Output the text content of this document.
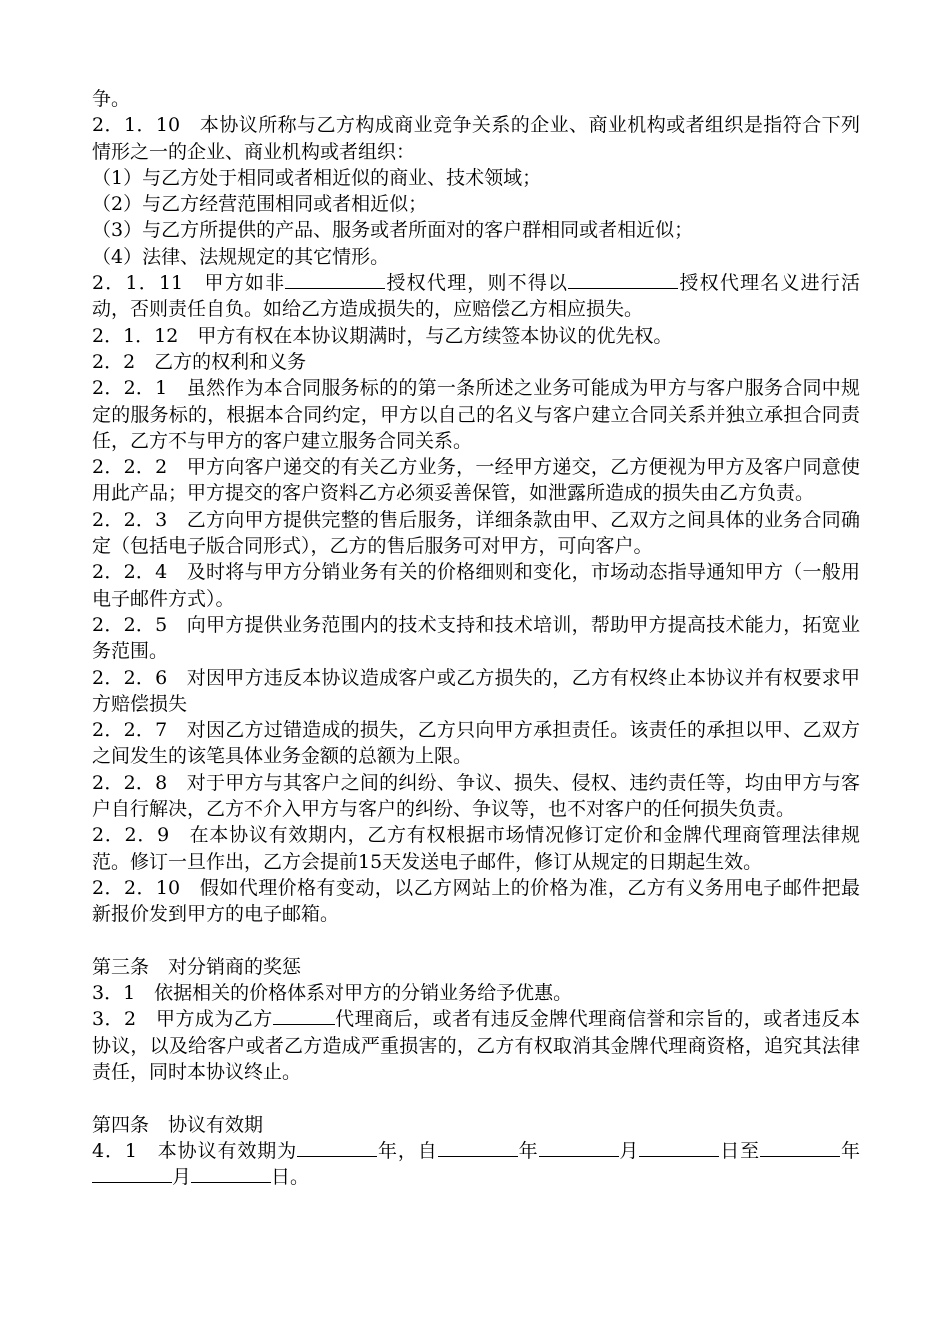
争。

2．1．10　本协议所称与乙方构成商业竞争关系的企业、商业机构或者组织是指符合下列情形之一的企业、商业机构或者组织：

（1）与乙方处于相同或者相近似的商业、技术领域；

（2）与乙方经营范围相同或者相近似；

（3）与乙方所提供的产品、服务或者所面对的客户群相同或者相近似；

（4）法律、法规规定的其它情形。

2．1．11　甲方如非	授权代理，则不得以	授权代理名义进行活动，否则责任自负。如给乙方造成损失的，应赔偿乙方相应损失。

2．1．12　甲方有权在本协议期满时，与乙方续签本协议的优先权。

2．2　乙方的权利和义务

2．2．1　虽然作为本合同服务标的的第一条所述之业务可能成为甲方与客户服务合同中规定的服务标的，根据本合同约定，甲方以自己的名义与客户建立合同关系并独立承担合同责任，乙方不与甲方的客户建立服务合同关系。

2．2．2　甲方向客户递交的有关乙方业务，一经甲方递交，乙方便视为甲方及客户同意使用此产品；甲方提交的客户资料乙方必须妥善保管，如泄露所造成的损失由乙方负责。

2．2．3　乙方向甲方提供完整的售后服务，详细条款由甲、乙双方之间具体的业务合同确定（包括电子版合同形式），乙方的售后服务可对甲方，可向客户。

2．2．4　及时将与甲方分销业务有关的价格细则和变化，市场动态指导通知甲方（一般用电子邮件方式）。

2．2．5　向甲方提供业务范围内的技术支持和技术培训，帮助甲方提高技术能力，拓宽业务范围。

2．2．6　对因甲方违反本协议造成客户或乙方损失的，乙方有权终止本协议并有权要求甲方赔偿损失

2．2．7　对因乙方过错造成的损失，乙方只向甲方承担责任。该责任的承担以甲、乙双方之间发生的该笔具体业务金额的总额为上限。

2．2．8　对于甲方与其客户之间的纠纷、争议、损失、侵权、违约责任等，均由甲方与客户自行解决，乙方不介入甲方与客户的纠纷、争议等，也不对客户的任何损失负责。

2．2．9　在本协议有效期内，乙方有权根据市场情况修订定价和金牌代理商管理法律规范。修订一旦作出，乙方会提前15天发送电子邮件，修订从规定的日期起生效。

2．2．10　假如代理价格有变动，以乙方网站上的价格为准，乙方有义务用电子邮件把最新报价发到甲方的电子邮箱。

第三条　对分销商的奖惩

3．1　依据相关的价格体系对甲方的分销业务给予优惠。

3．2　甲方成为乙方	代理商后，或者有违反金牌代理商信誉和宗旨的，或者违反本协议，以及给客户或者乙方造成严重损害的，乙方有权取消其金牌代理商资格，追究其法律责任，同时本协议终止。

第四条　协议有效期

4．1　本协议有效期为	年，自	年	月	日至	年月	日。
